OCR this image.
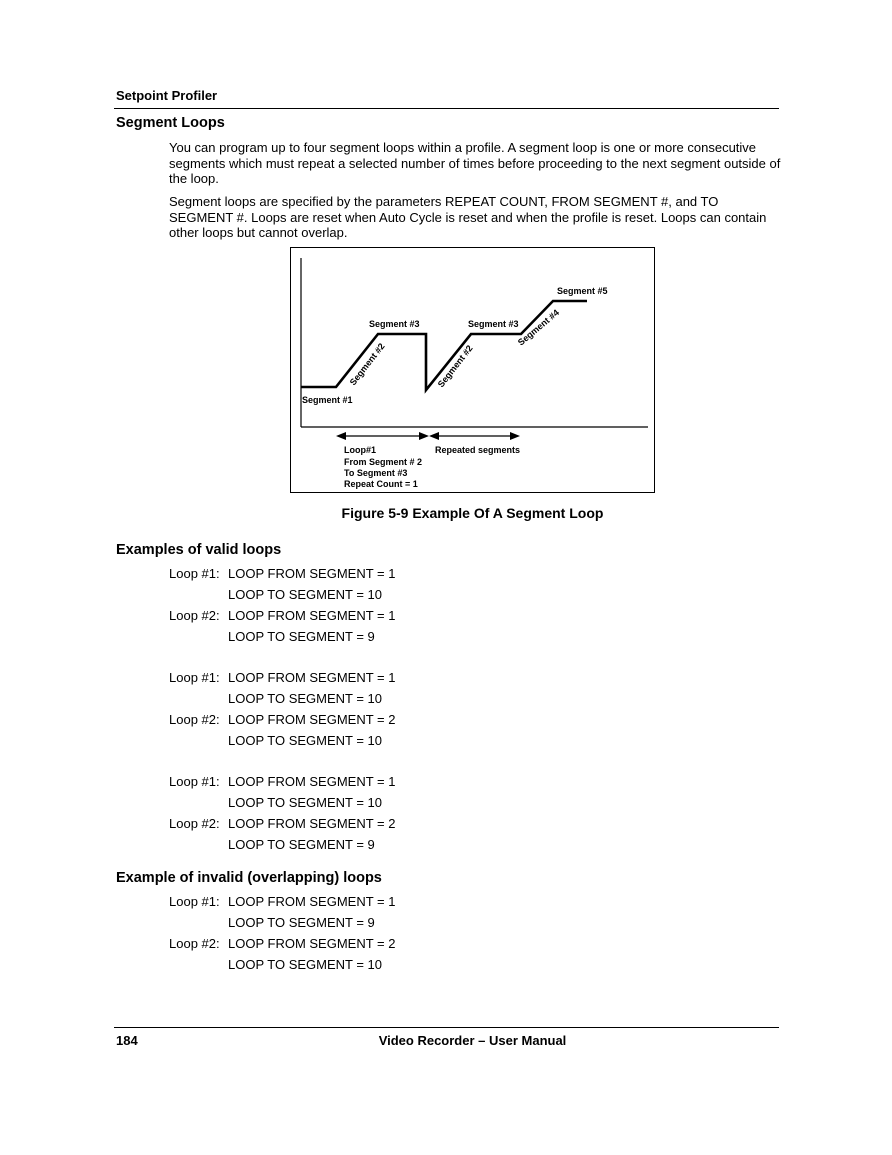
Setpoint Profiler
Segment Loops
You can program up to four segment loops within a profile. A segment loop is one or more consecutive segments which must repeat a selected number of times before proceeding to the next segment outside of the loop.
Segment loops are specified by the parameters REPEAT COUNT, FROM SEGMENT #, and TO SEGMENT #. Loops are reset when Auto Cycle is reset and when the profile is reset. Loops can contain other loops but cannot overlap.
Segment #1
Segment #3
Segment #2
Segment #3
Segment #2
Segment #4
Segment #5
Loop#1
From Segment # 2
To Segment #3
Repeat Count = 1
Repeated segments
Figure 5-9 Example Of A Segment Loop
Examples of valid loops
Loop #1: LOOP FROM SEGMENT = 1
LOOP TO SEGMENT = 10
Loop #2: LOOP FROM SEGMENT = 1
LOOP TO SEGMENT = 9
Loop #1: LOOP FROM SEGMENT = 1
LOOP TO SEGMENT = 10
Loop #2: LOOP FROM SEGMENT = 2
LOOP TO SEGMENT = 10
Loop #1: LOOP FROM SEGMENT = 1
LOOP TO SEGMENT = 10
Loop #2: LOOP FROM SEGMENT = 2
LOOP TO SEGMENT = 9
Example of invalid (overlapping) loops
Loop #1: LOOP FROM SEGMENT = 1
LOOP TO SEGMENT = 9
Loop #2: LOOP FROM SEGMENT = 2
LOOP TO SEGMENT = 10
184	Video Recorder – User Manual
